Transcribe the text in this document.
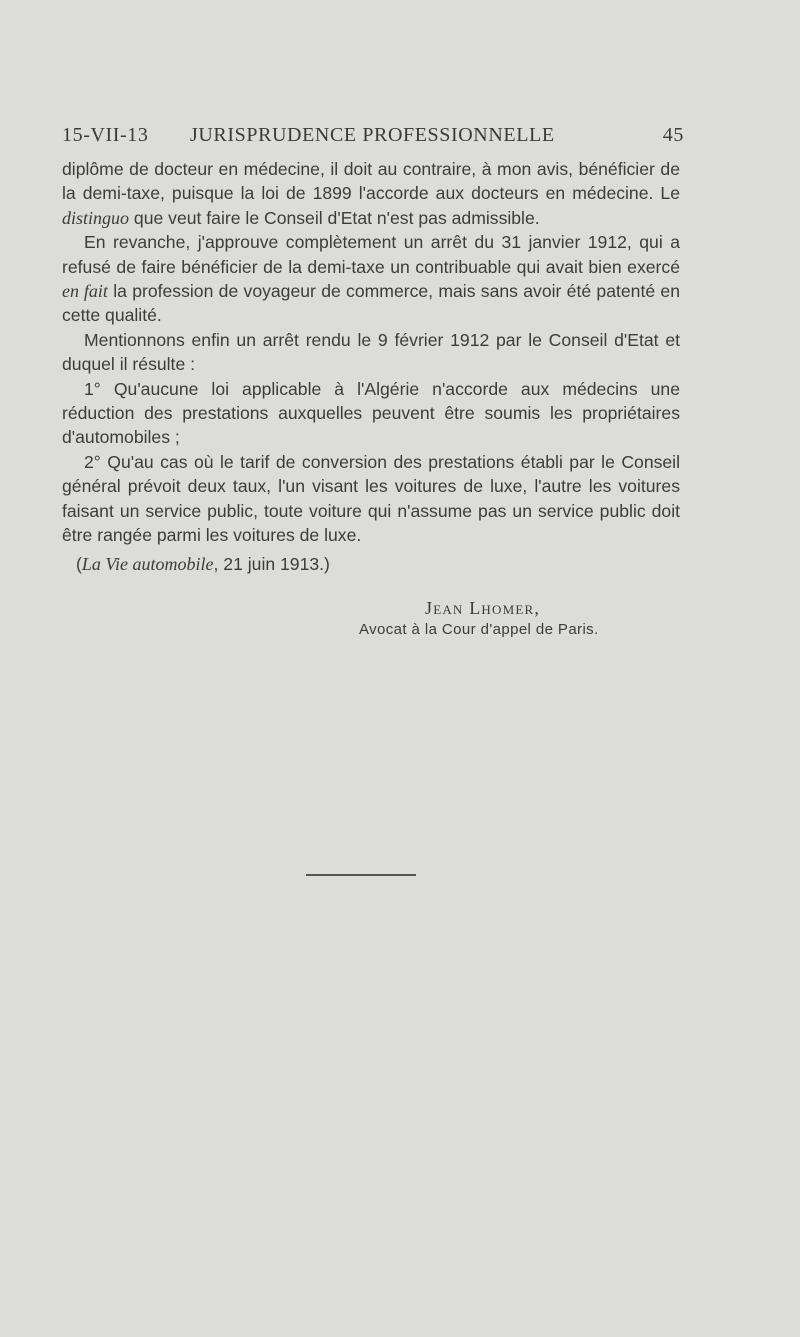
15-VII-13 JURISPRUDENCE PROFESSIONNELLE	45

diplôme de docteur en médecine, il doit au contraire, à mon avis, bénéficier de la demi-taxe, puisque la loi de 1899 l'accorde aux docteurs en médecine. Le distinguo que veut faire le Conseil d'Etat n'est pas admissible.

En revanche, j'approuve complètement un arrêt du 31 janvier 1912, qui a refusé de faire bénéficier de la demi-taxe un contribuable qui avait bien exercé en fait la profession de voyageur de commerce, mais sans avoir été patenté en cette qualité.

Mentionnons enfin un arrêt rendu le 9 février 1912 par le Conseil d'Etat et duquel il résulte :

1° Qu'aucune loi applicable à l'Algérie n'accorde aux médecins une réduction des prestations auxquelles peuvent être soumis les propriétaires d'automobiles ;

2° Qu'au cas où le tarif de conversion des prestations établi par le Conseil général prévoit deux taux, l'un visant les voitures de luxe, l'autre les voitures faisant un service public, toute voiture qui n'assume pas un service public doit être rangée parmi les voitures de luxe.

(La Vie automobile, 21 juin 1913.)

Jean Lhomer,
Avocat à la Cour d'appel de Paris.
